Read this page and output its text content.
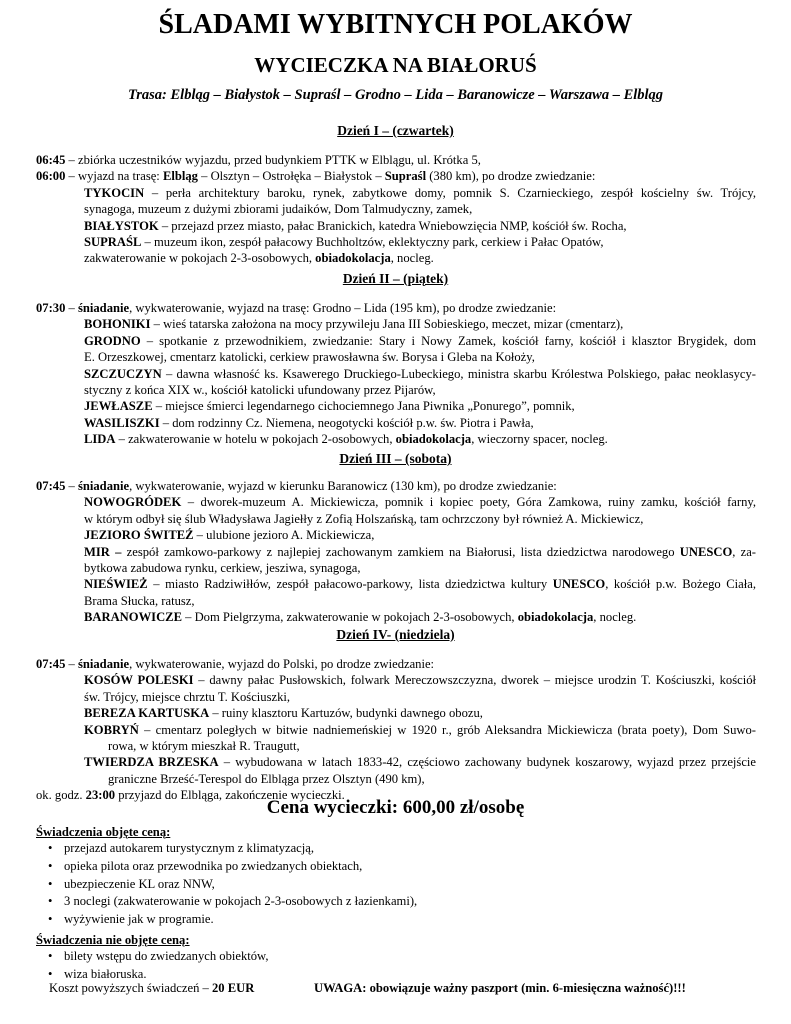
ŚLADAMI WYBITNYCH POLAKÓW
WYCIECZKA NA BIAŁORUŚ
Trasa: Elbląg – Białystok – Supraśl – Grodno – Lida – Baranowicze – Warszawa – Elbląg
Dzień I – (czwartek)
06:45 – zbiórka uczestników wyjazdu, przed budynkiem PTTK w Elblągu, ul. Krótka 5,
06:00 – wyjazd na trasę: Elbląg – Olsztyn – Ostrołęka – Białystok – Supraśl (380 km), po drodze zwiedzanie:
TYKOCIN – perła architektury baroku, rynek, zabytkowe domy, pomnik S. Czarnieckiego, zespół kościelny św. Trójcy,
synagoga, muzeum z dużymi zbiorami judaików, Dom Talmudyczny, zamek,
BIAŁYSTOK – przejazd przez miasto, pałac Branickich, katedra Wniebowzięcia NMP, kościół św. Rocha,
SUPRAŚL – muzeum ikon, zespół pałacowy Buchholtzów, eklektyczny park, cerkiew i Pałac Opatów,
zakwaterowanie w pokojach 2-3-osobowych, obiadokolacja, nocleg.
Dzień II – (piątek)
07:30 – śniadanie, wykwaterowanie, wyjazd na trasę: Grodno – Lida (195 km), po drodze zwiedzanie:
BOHONIKI – wieś tatarska założona na mocy przywileju Jana III Sobieskiego, meczet, mizar (cmentarz),
GRODNO – spotkanie z przewodnikiem, zwiedzanie: Stary i Nowy Zamek, kościół farny, kościół i klasztor Brygidek, dom
E. Orzeszkowej, cmentarz katolicki, cerkiew prawosławna św. Borysa i Gleba na Kołoży,
SZCZUCZYN – dawna własność ks. Ksawerego Druckiego-Lubeckiego, ministra skarbu Królestwa Polskiego, pałac neoklasycy-
styczny z końca XIX w., kościół katolicki ufundowany przez Pijarów,
JEWŁASZE – miejsce śmierci legendarnego cichociemnego Jana Piwnika „Ponurego”, pomnik,
WASILISZKI – dom rodzinny Cz. Niemena, neogotycki kościół p.w. św. Piotra i Pawła,
LIDA – zakwaterowanie w hotelu w pokojach 2-osobowych, obiadokolacja, wieczorny spacer, nocleg.
Dzień III – (sobota)
07:45 – śniadanie, wykwaterowanie, wyjazd w kierunku Baranowicz (130 km), po drodze zwiedzanie:
NOWOGRÓDEK – dworek-muzeum A. Mickiewicza, pomnik i kopiec poety, Góra Zamkowa, ruiny zamku, kościół farny,
w którym odbył się ślub Władysława Jagiełły z Zofią Holszańską, tam ochrzczony był również A. Mickiewicz,
JEZIORO ŚWITEŹ – ulubione jezioro A. Mickiewicza,
MIR – zespół zamkowo-parkowy z najlepiej zachowanym zamkiem na Białorusi, lista dziedzictwa narodowego UNESCO, za-
bytkowa zabudowa rynku, cerkiew, jesziwa, synagoga,
NIEŚWIEŻ – miasto Radziwiłłów, zespół pałacowo-parkowy, lista dziedzictwa kultury UNESCO, kościół p.w. Bożego Ciała,
Brama Słucka, ratusz,
BARANOWICZE – Dom Pielgrzyma, zakwaterowanie w pokojach 2-3-osobowych, obiadokolacja, nocleg.
Dzień IV- (niedziela)
07:45 – śniadanie, wykwaterowanie, wyjazd do Polski, po drodze zwiedzanie:
KOSÓW POLESKI – dawny pałac Pusłowskich, folwark Mereczowszczyzna, dworek – miejsce urodzin T. Kościuszki, kościół
św. Trójcy, miejsce chrztu T. Kościuszki,
BEREZA KARTUSKA – ruiny klasztoru Kartuzów, budynki dawnego obozu,
KOBRYŃ – cmentarz poległych w bitwie nadniemeńskiej w 1920 r., grób Aleksandra Mickiewicza (brata poety), Dom Suwo-
rowa, w którym mieszkał R. Traugutt,
TWIERDZA BRZESKA – wybudowana w latach 1833-42, częściowo zachowany budynek koszarowy, wyjazd przez przejście
graniczne Brześć-Terespol do Elbląga przez Olsztyn (490 km),
ok. godz. 23:00 przyjazd do Elbląga, zakończenie wycieczki.
Cena wycieczki: 600,00 zł/osobę
Świadczenia objęte ceną:
• przejazd autokarem turystycznym z klimatyzacją,
• opieka pilota oraz przewodnika po zwiedzanych obiektach,
• ubezpieczenie KL oraz NNW,
• 3 noclegi (zakwaterowanie w pokojach 2-3-osobowych z łazienkami),
• wyżywienie jak w programie.
Świadczenia nie objęte ceną:
• bilety wstępu do zwiedzanych obiektów,
• wiza białoruska.
Koszt powyższych świadczeń – 20 EUR	UWAGA: obowiązuje ważny paszport (min. 6-miesięczna ważność)!!!
